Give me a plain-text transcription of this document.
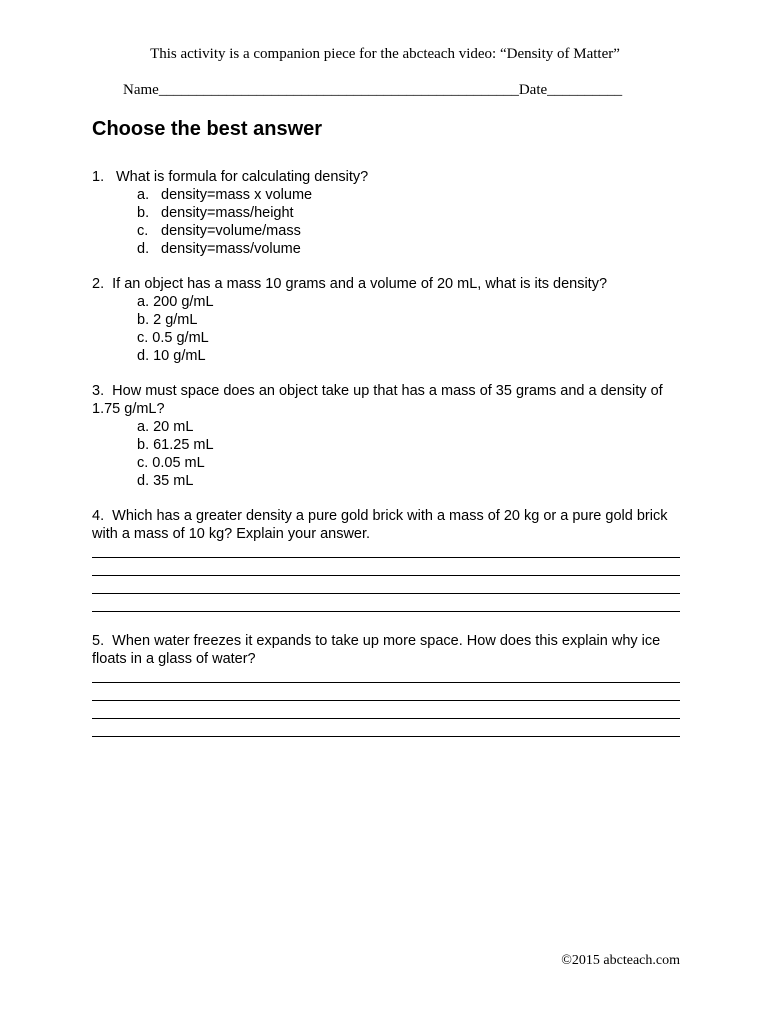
This activity is a companion piece for the abcteach video: “Density of Matter”
Name________________________________________________Date__________
Choose the best answer
1. What is formula for calculating density?
a. density=mass x volume
b. density=mass/height
c. density=volume/mass
d. density=mass/volume
2. If an object has a mass 10 grams and a volume of 20 mL, what is its density?
a. 200 g/mL
b. 2 g/mL
c. 0.5 g/mL
d. 10 g/mL
3. How must space does an object take up that has a mass of 35 grams and a density of 1.75 g/mL?
a. 20 mL
b. 61.25 mL
c. 0.05 mL
d. 35 mL
4. Which has a greater density a pure gold brick with a mass of 20 kg or a pure gold brick with a mass of 10 kg? Explain your answer.
5. When water freezes it expands to take up more space. How does this explain why ice floats in a glass of water?
©2015 abcteach.com
